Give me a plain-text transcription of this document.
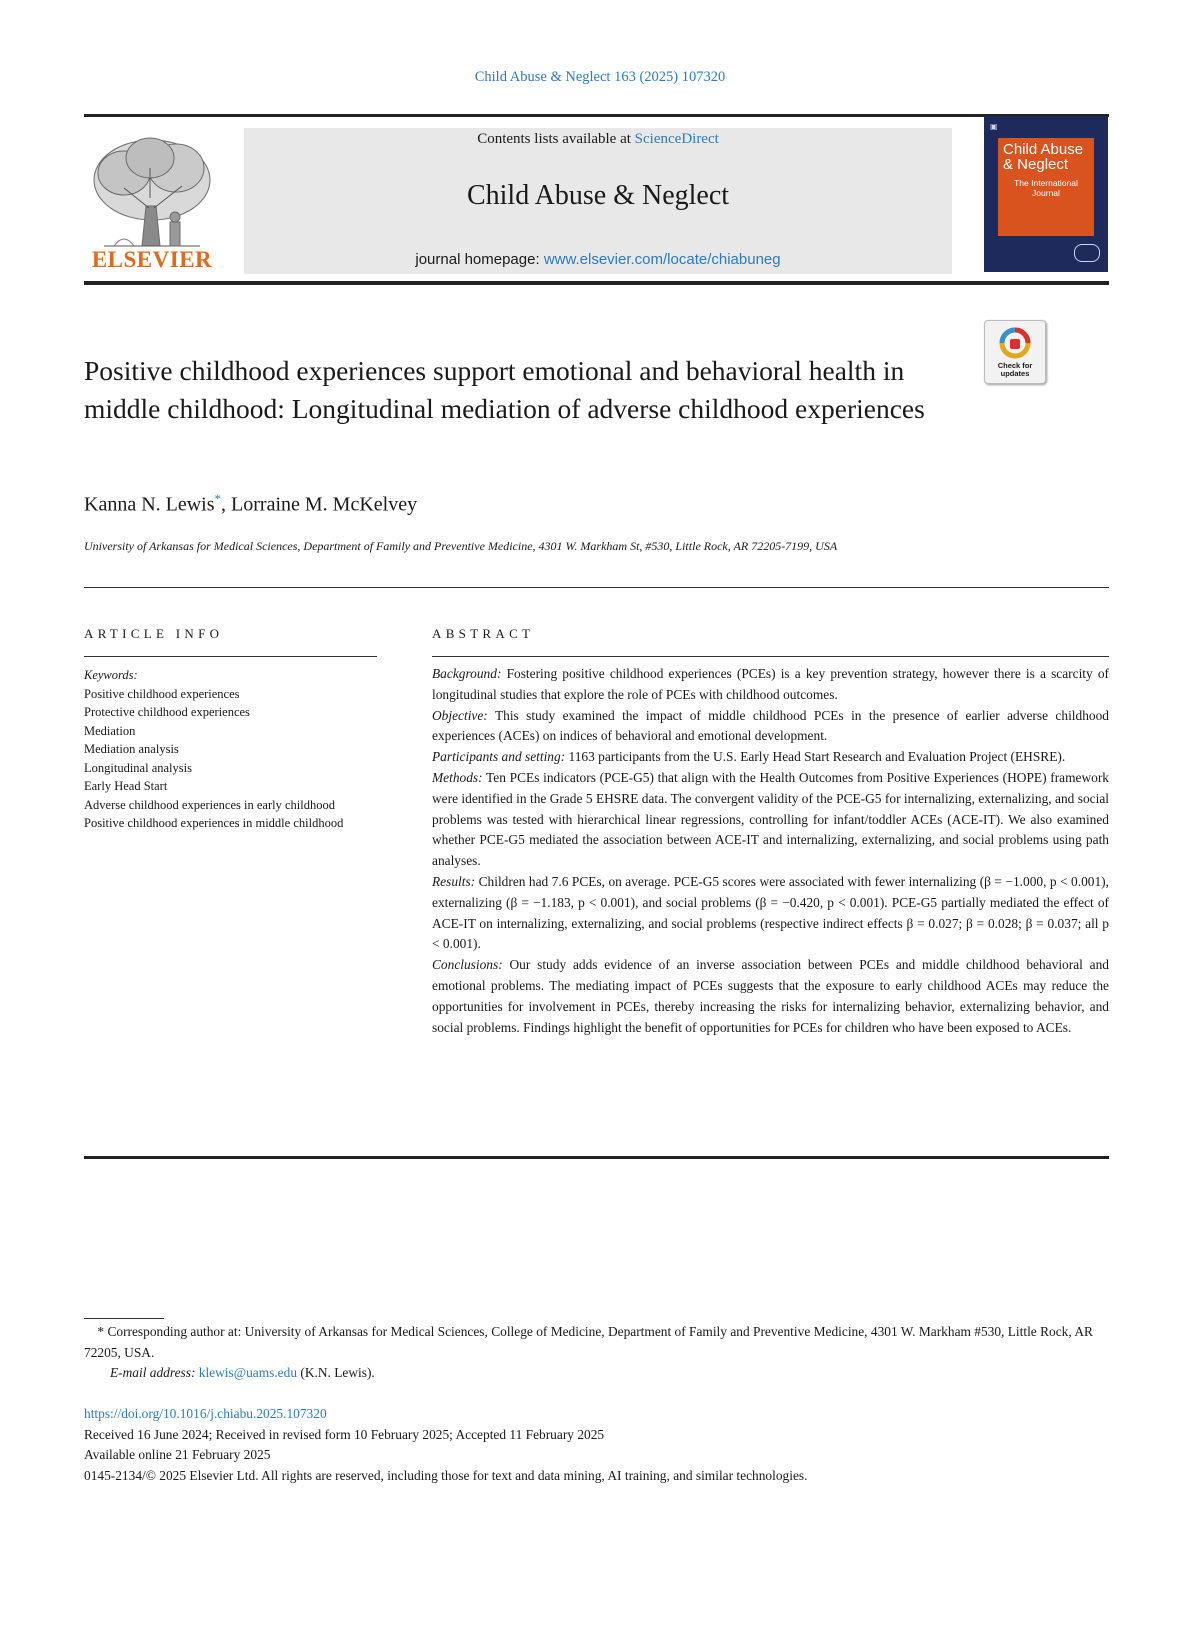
Child Abuse & Neglect 163 (2025) 107320
ELSEVIER
Contents lists available at ScienceDirect
Child Abuse & Neglect
journal homepage: www.elsevier.com/locate/chiabuneg
▣
Child Abuse & Neglect
The International Journal
Check for updates
Positive childhood experiences support emotional and behavioral health in middle childhood: Longitudinal mediation of adverse childhood experiences
Kanna N. Lewis*, Lorraine M. McKelvey
University of Arkansas for Medical Sciences, Department of Family and Preventive Medicine, 4301 W. Markham St, #530, Little Rock, AR 72205-7199, USA
ARTICLE INFO
Keywords:
Positive childhood experiences
Protective childhood experiences
Mediation
Mediation analysis
Longitudinal analysis
Early Head Start
Adverse childhood experiences in early childhood
Positive childhood experiences in middle childhood
ABSTRACT

Background: Fostering positive childhood experiences (PCEs) is a key prevention strategy, however there is a scarcity of longitudinal studies that explore the role of PCEs with childhood outcomes.

Objective: This study examined the impact of middle childhood PCEs in the presence of earlier adverse childhood experiences (ACEs) on indices of behavioral and emotional development.

Participants and setting: 1163 participants from the U.S. Early Head Start Research and Evaluation Project (EHSRE).

Methods: Ten PCEs indicators (PCE-G5) that align with the Health Outcomes from Positive Experiences (HOPE) framework were identified in the Grade 5 EHSRE data. The convergent validity of the PCE-G5 for internalizing, externalizing, and social problems was tested with hierarchical linear regressions, controlling for infant/toddler ACEs (ACE-IT). We also examined whether PCE-G5 mediated the association between ACE-IT and internalizing, externalizing, and social problems using path analyses.

Results: Children had 7.6 PCEs, on average. PCE-G5 scores were associated with fewer internalizing (β = −1.000, p < 0.001), externalizing (β = −1.183, p < 0.001), and social problems (β = −0.420, p < 0.001). PCE-G5 partially mediated the effect of ACE-IT on internalizing, externalizing, and social problems (respective indirect effects β = 0.027; β = 0.028; β = 0.037; all p < 0.001).

Conclusions: Our study adds evidence of an inverse association between PCEs and middle childhood behavioral and emotional problems. The mediating impact of PCEs suggests that the exposure to early childhood ACEs may reduce the opportunities for involvement in PCEs, thereby increasing the risks for internalizing behavior, externalizing behavior, and social problems. Findings highlight the benefit of opportunities for PCEs for children who have been exposed to ACEs.

* Corresponding author at: University of Arkansas for Medical Sciences, College of Medicine, Department of Family and Preventive Medicine, 4301 W. Markham #530, Little Rock, AR 72205, USA.

E-mail address: klewis@uams.edu (K.N. Lewis).

https://doi.org/10.1016/j.chiabu.2025.107320
Received 16 June 2024; Received in revised form 10 February 2025; Accepted 11 February 2025
Available online 21 February 2025
0145-2134/© 2025 Elsevier Ltd. All rights are reserved, including those for text and data mining, AI training, and similar technologies.
